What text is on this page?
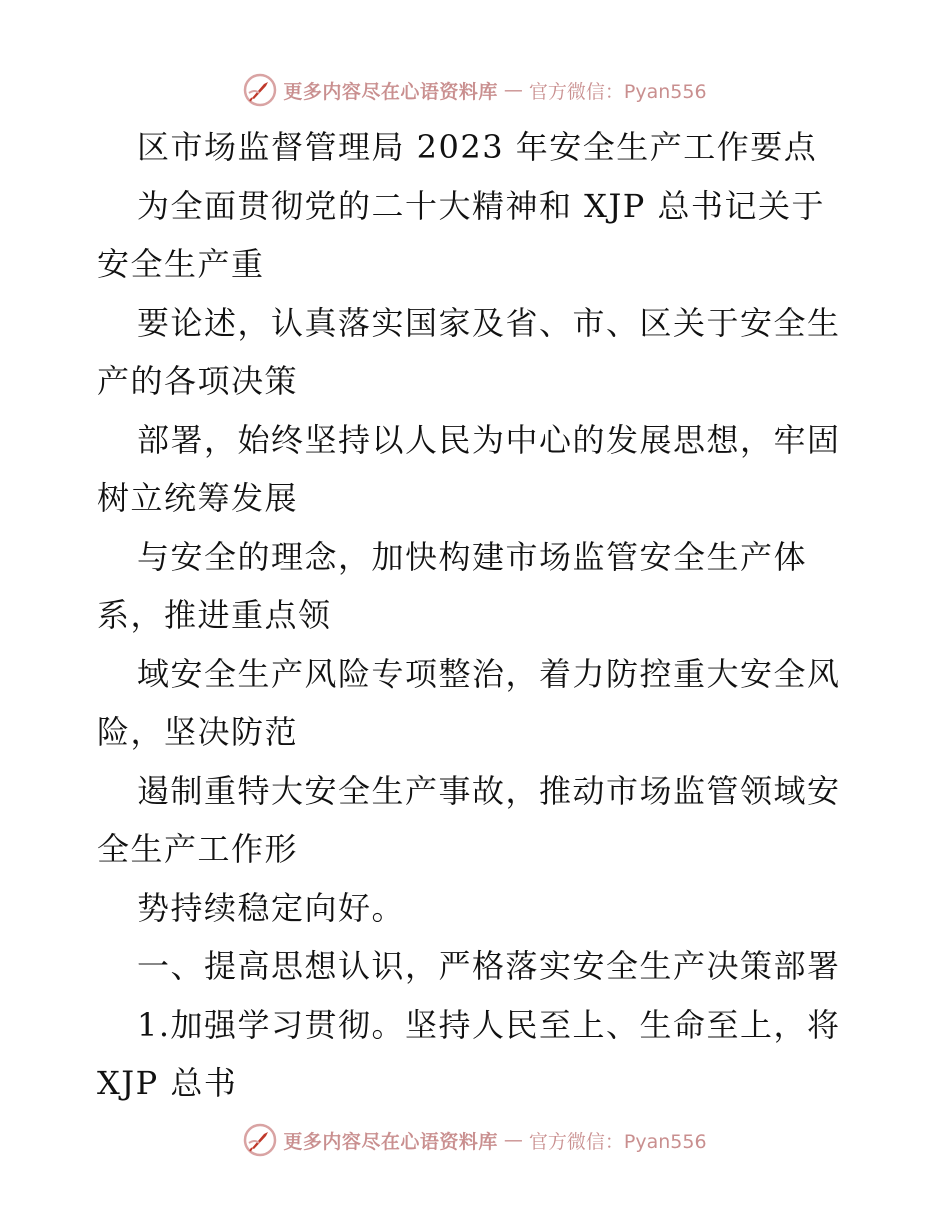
更多内容尽在心语资料库 — 官方微信：Pyan556
区市场监督管理局 2023 年安全生产工作要点
为全面贯彻党的二十大精神和 XJP 总书记关于
安全生产重
要论述，认真落实国家及省、市、区关于安全生
产的各项决策
部署，始终坚持以人民为中心的发展思想，牢固
树立统筹发展
与安全的理念，加快构建市场监管安全生产体
系，推进重点领
域安全生产风险专项整治，着力防控重大安全风
险，坚决防范
遏制重特大安全生产事故，推动市场监管领域安
全生产工作形
势持续稳定向好。
一、提高思想认识，严格落实安全生产决策部署
1.加强学习贯彻。坚持人民至上、生命至上，将
XJP 总书
更多内容尽在心语资料库 — 官方微信：Pyan556
